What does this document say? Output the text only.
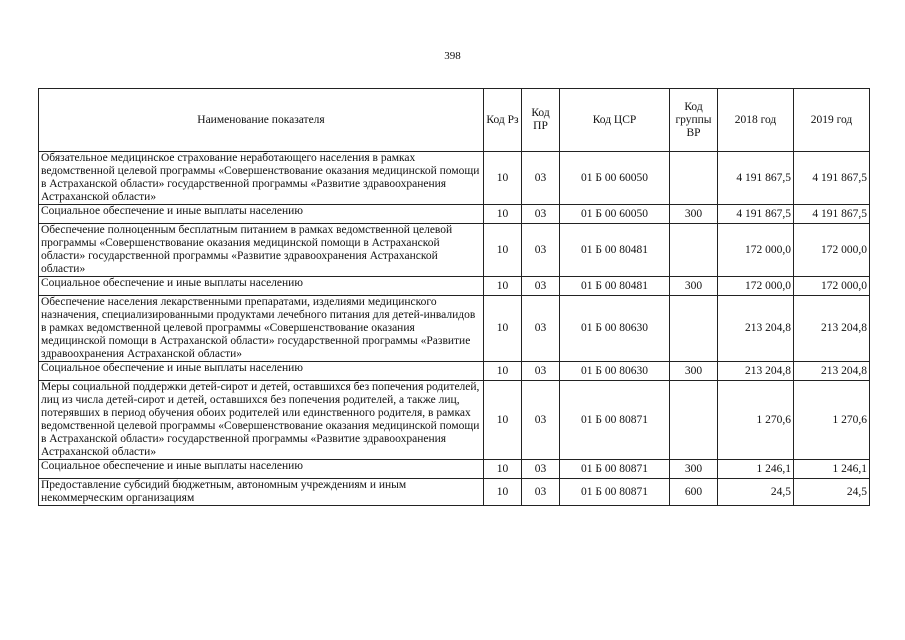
398
Наименование показателя	Код Рз	Код ПР	Код ЦСР	Код группы ВР	2018 год	2019 год
Обязательное медицинское страхование неработающего населения в рамках ведомственной целевой программы «Совершенствование оказания медицинской помощи в Астраханской области» государственной программы «Развитие здравоохранения Астраханской области»	10	03	01 Б 00 60050		4 191 867,5	4 191 867,5
Социальное обеспечение и иные выплаты населению	10	03	01 Б 00 60050	300	4 191 867,5	4 191 867,5
Обеспечение полноценным бесплатным питанием в рамках ведомственной целевой программы «Совершенствование оказания медицинской помощи в Астраханской области» государственной программы «Развитие здравоохранения Астраханской области»	10	03	01 Б 00 80481		172 000,0	172 000,0
Социальное обеспечение и иные выплаты населению	10	03	01 Б 00 80481	300	172 000,0	172 000,0
Обеспечение населения лекарственными препаратами, изделиями медицинского назначения, специализированными продуктами лечебного питания для детей-инвалидов в рамках ведомственной целевой программы «Совершенствование оказания медицинской помощи в Астраханской области» государственной программы «Развитие здравоохранения Астраханской области»	10	03	01 Б 00 80630		213 204,8	213 204,8
Социальное обеспечение и иные выплаты населению	10	03	01 Б 00 80630	300	213 204,8	213 204,8
Меры социальной поддержки детей-сирот и детей, оставшихся без попечения родителей, лиц из числа детей-сирот и детей, оставшихся без попечения родителей, а также лиц, потерявших в период обучения обоих родителей или единственного родителя, в рамках ведомственной целевой программы «Совершенствование оказания медицинской помощи в Астраханской области» государственной программы «Развитие здравоохранения Астраханской области»	10	03	01 Б 00 80871		1 270,6	1 270,6
Социальное обеспечение и иные выплаты населению	10	03	01 Б 00 80871	300	1 246,1	1 246,1
Предоставление субсидий бюджетным, автономным учреждениям и иным некоммерческим организациям	10	03	01 Б 00 80871	600	24,5	24,5
